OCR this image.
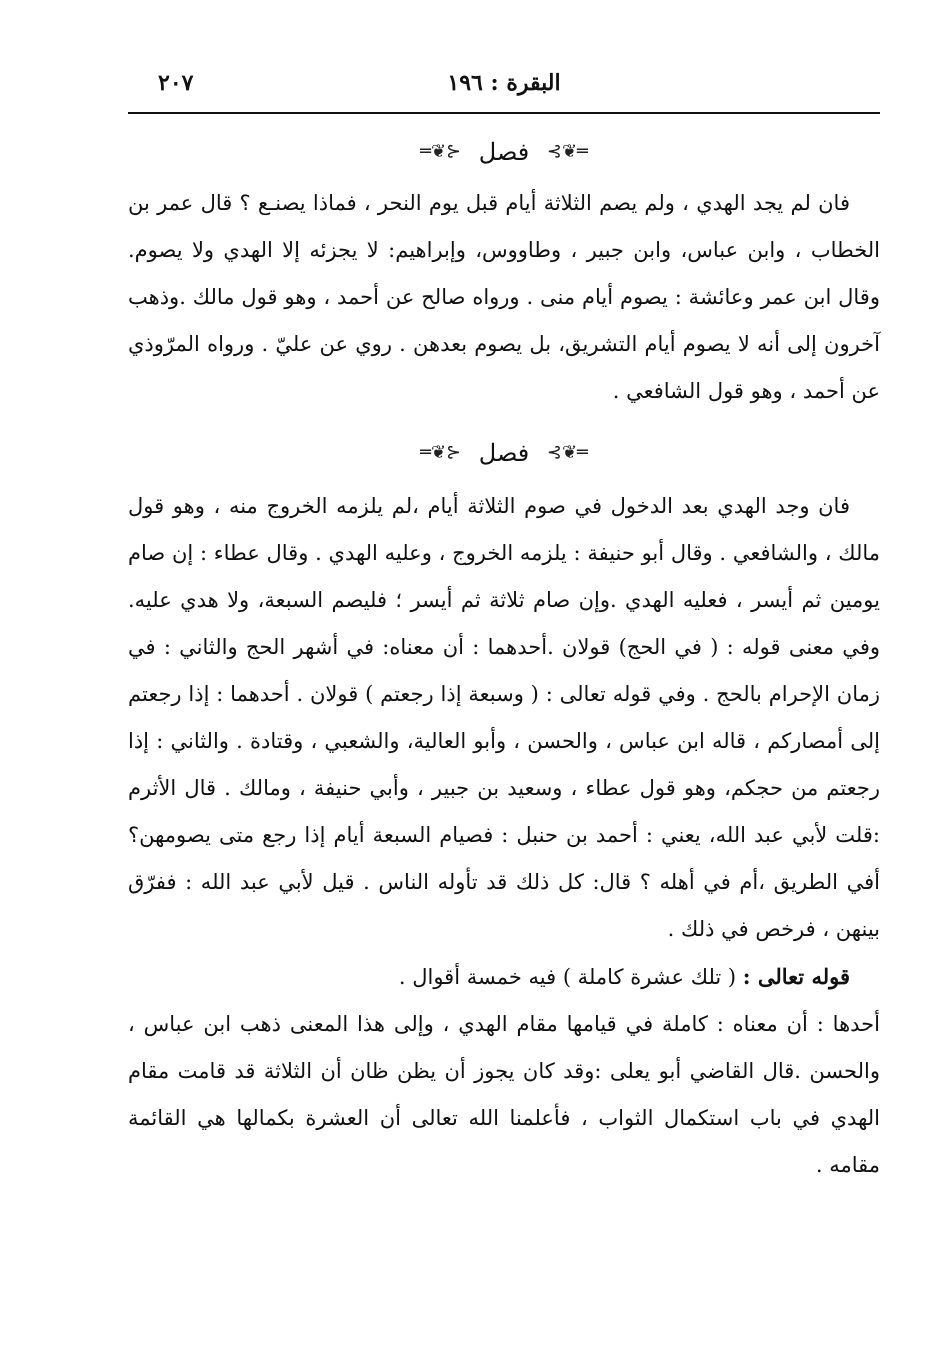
البقرة : ١٩٦
٢٠٧
═❦⊱ فصل ⊰❦═

فان لم يجد الهدي ، ولم يصم الثلاثة أيام قبل يوم النحر ، فماذا يصنـع ؟ قال عمر بن الخطاب ، وابن عباس، وابن جبير ، وطاووس، وإبراهيم: لا يجزئه إلا الهدي ولا يصوم. وقال ابن عمر وعائشة : يصوم أيام منى . ورواه صالح عن أحمد ، وهو قول مالك .وذهب آخرون إلى أنه لا يصوم أيام التشريق، بل يصوم بعدهن . روي عن عليّ . ورواه المرّوذي عن أحمد ، وهو قول الشافعي .

═❦⊱ فصل ⊰❦═

فان وجد الهدي بعد الدخول في صوم الثلاثة أيام ،لم يلزمه الخروج منه ، وهو قول مالك ، والشافعي . وقال أبو حنيفة : يلزمه الخروج ، وعليه الهدي . وقال عطاء : إن صام يومين ثم أيسر ، فعليه الهدي .وإن صام ثلاثة ثم أيسر ؛ فليصم السبعة، ولا هدي عليه. وفي معنى قوله : ( في الحج) قولان .أحدهما : أن معناه: في أشهر الحج والثاني : في زمان الإحرام بالحج . وفي قوله تعالى : ( وسبعة إذا رجعتم ) قولان . أحدهما : إذا رجعتم إلى أمصاركم ، قاله ابن عباس ، والحسن ، وأبو العالية، والشعبي ، وقتادة . والثاني : إذا رجعتم من حجكم، وهو قول عطاء ، وسعيد بن جبير ، وأبي حنيفة ، ومالك . قال الأثرم :قلت لأبي عبد الله، يعني : أحمد بن حنبل : فصيام السبعة أيام إذا رجع متى يصومهن؟ أفي الطريق ،أم في أهله ؟ قال: كل ذلك قد تأوله الناس . قيل لأبي عبد الله : ففرّق بينهن ، فرخص في ذلك .

قوله تعالى : ( تلك عشرة كاملة ) فيه خمسة أقوال .

أحدها : أن معناه : كاملة في قيامها مقام الهدي ، وإلى هذا المعنى ذهب ابن عباس ، والحسن .قال القاضي أبو يعلى :وقد كان يجوز أن يظن ظان أن الثلاثة قد قامت مقام الهدي في باب استكمال الثواب ، فأعلمنا الله تعالى أن العشرة بكمالها هي القائمة مقامه .
